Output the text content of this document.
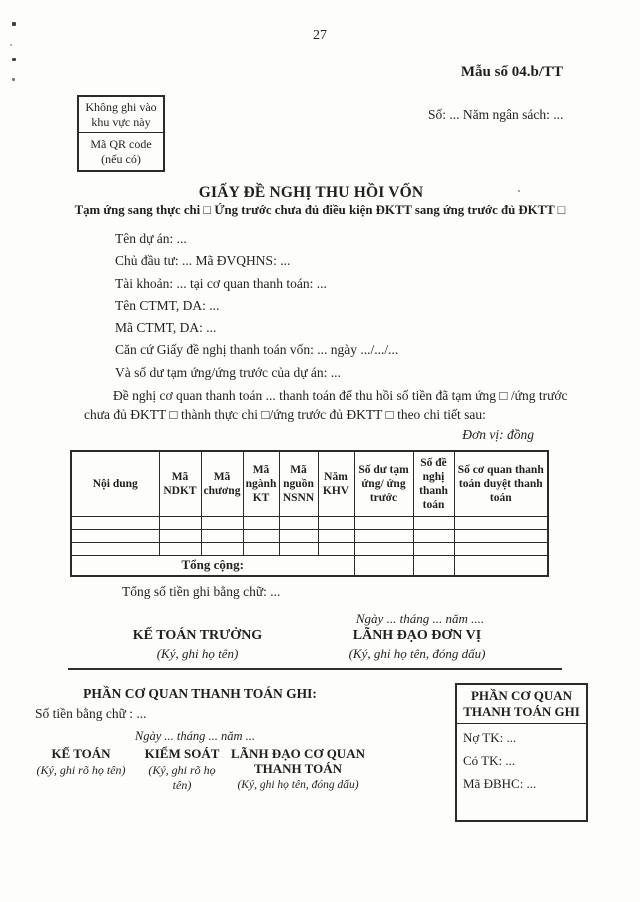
27
Mẫu số 04.b/TT
Không ghi vào khu vực này
Mã QR code (nếu có)
Số: ... Năm ngân sách: ...
GIẤY ĐỀ NGHỊ THU HỒI VỐN
Tạm ứng sang thực chi □ Ứng trước chưa đủ điều kiện ĐKTT sang ứng trước đủ ĐKTT □
Tên dự án: ...
Chủ đầu tư: ... Mã ĐVQHNS: ...
Tài khoản: ... tại cơ quan thanh toán: ...
Tên CTMT, DA: ...
Mã CTMT, DA: ...
Căn cứ Giấy đề nghị thanh toán vốn: ... ngày .../.../...
Và số dư tạm ứng/ứng trước của dự án: ...
Đề nghị cơ quan thanh toán ... thanh toán để thu hồi số tiền đã tạm ứng □ /ứng trước chưa đủ ĐKTT □ thành thực chi □/ứng trước đủ ĐKTT □ theo chi tiết sau:
Đơn vị: đồng
Nội dung	Mã NDKT	Mã chương	Mã ngành KT	Mã nguồn NSNN	Năm KHV	Số dư tạm ứng/ ứng trước	Số đề nghị thanh toán	Số cơ quan thanh toán duyệt thanh toán

Tổng cộng:								
Tổng số tiền ghi bằng chữ: ...
Ngày ... tháng ... năm ....
KẾ TOÁN TRƯỞNG
(Ký, ghi họ tên)
LÃNH ĐẠO ĐƠN VỊ
(Ký, ghi họ tên, đóng dấu)
PHẦN CƠ QUAN THANH TOÁN GHI:
Số tiền bằng chữ : ...
Ngày ... tháng ... năm ...
KẾ TOÁN
(Ký, ghi rõ họ tên)
KIỂM SOÁT
(Ký, ghi rõ họ tên)
LÃNH ĐẠO CƠ QUAN THANH TOÁN
(Ký, ghi họ tên, đóng dấu)
PHẦN CƠ QUAN THANH TOÁN GHI
Nợ TK: ...
Có TK: ...
Mã ĐBHC: ...
